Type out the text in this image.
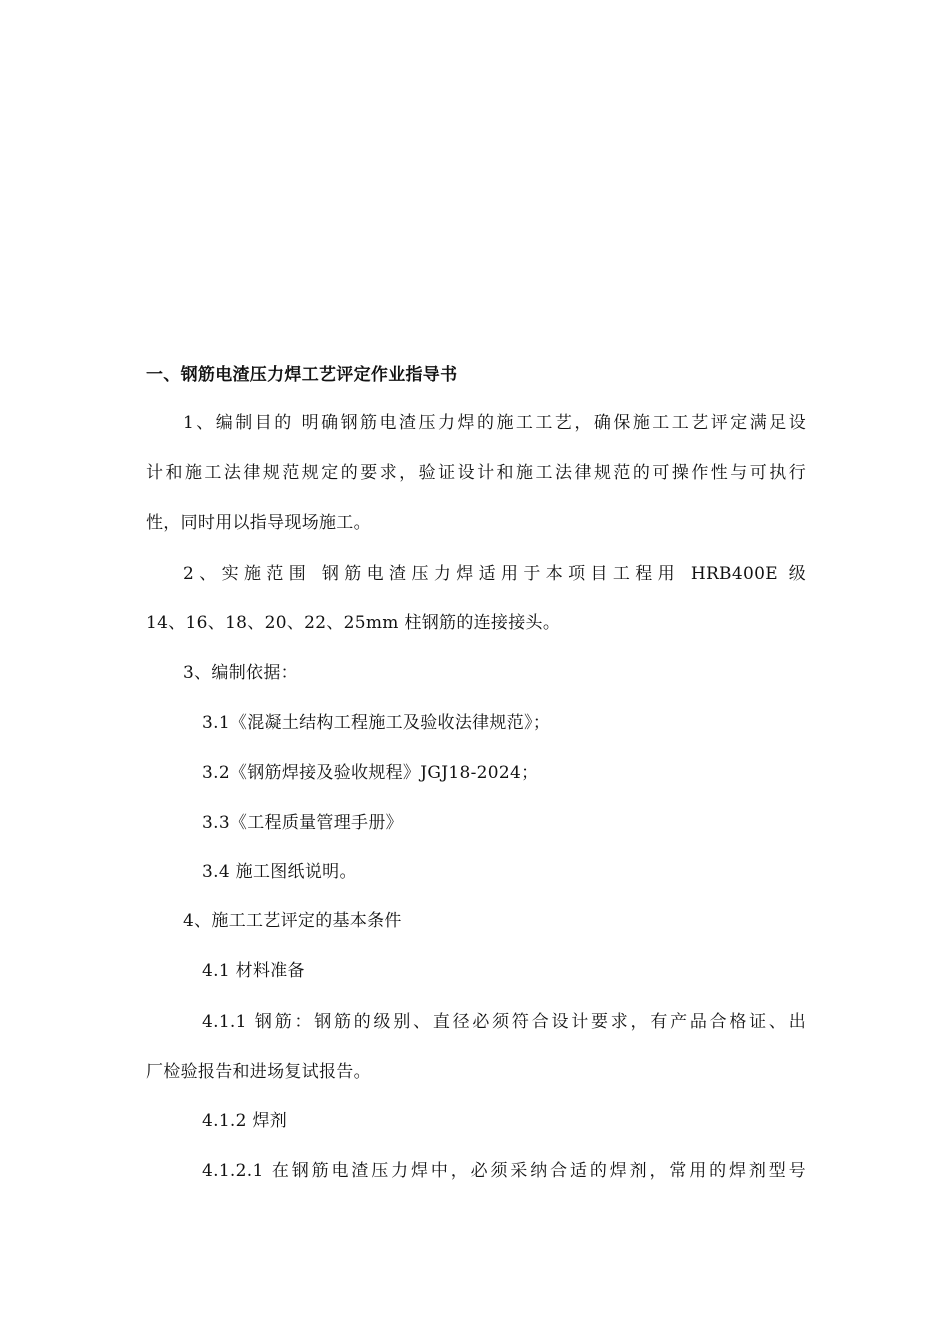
一、钢筋电渣压力焊工艺评定作业指导书
1、编制目的 明确钢筋电渣压力焊的施工工艺，确保施工工艺评定满足设
计和施工法律规范规定的要求，验证设计和施工法律规范的可操作性与可执行
性，同时用以指导现场施工。
2、实施范围 钢筋电渣压力焊适用于本项目工程用 HRB400E 级
14、16、18、20、22、25mm 柱钢筋的连接接头。
3、编制依据：
3.1《混凝土结构工程施工及验收法律规范》；
3.2《钢筋焊接及验收规程》JGJ18-2024；
3.3《工程质量管理手册》
3.4 施工图纸说明。
4、施工工艺评定的基本条件
4.1 材料准备
4.1.1 钢筋：钢筋的级别、直径必须符合设计要求，有产品合格证、出
厂检验报告和进场复试报告。
4.1.2 焊剂
4.1.2.1 在钢筋电渣压力焊中，必须采纳合适的焊剂，常用的焊剂型号
